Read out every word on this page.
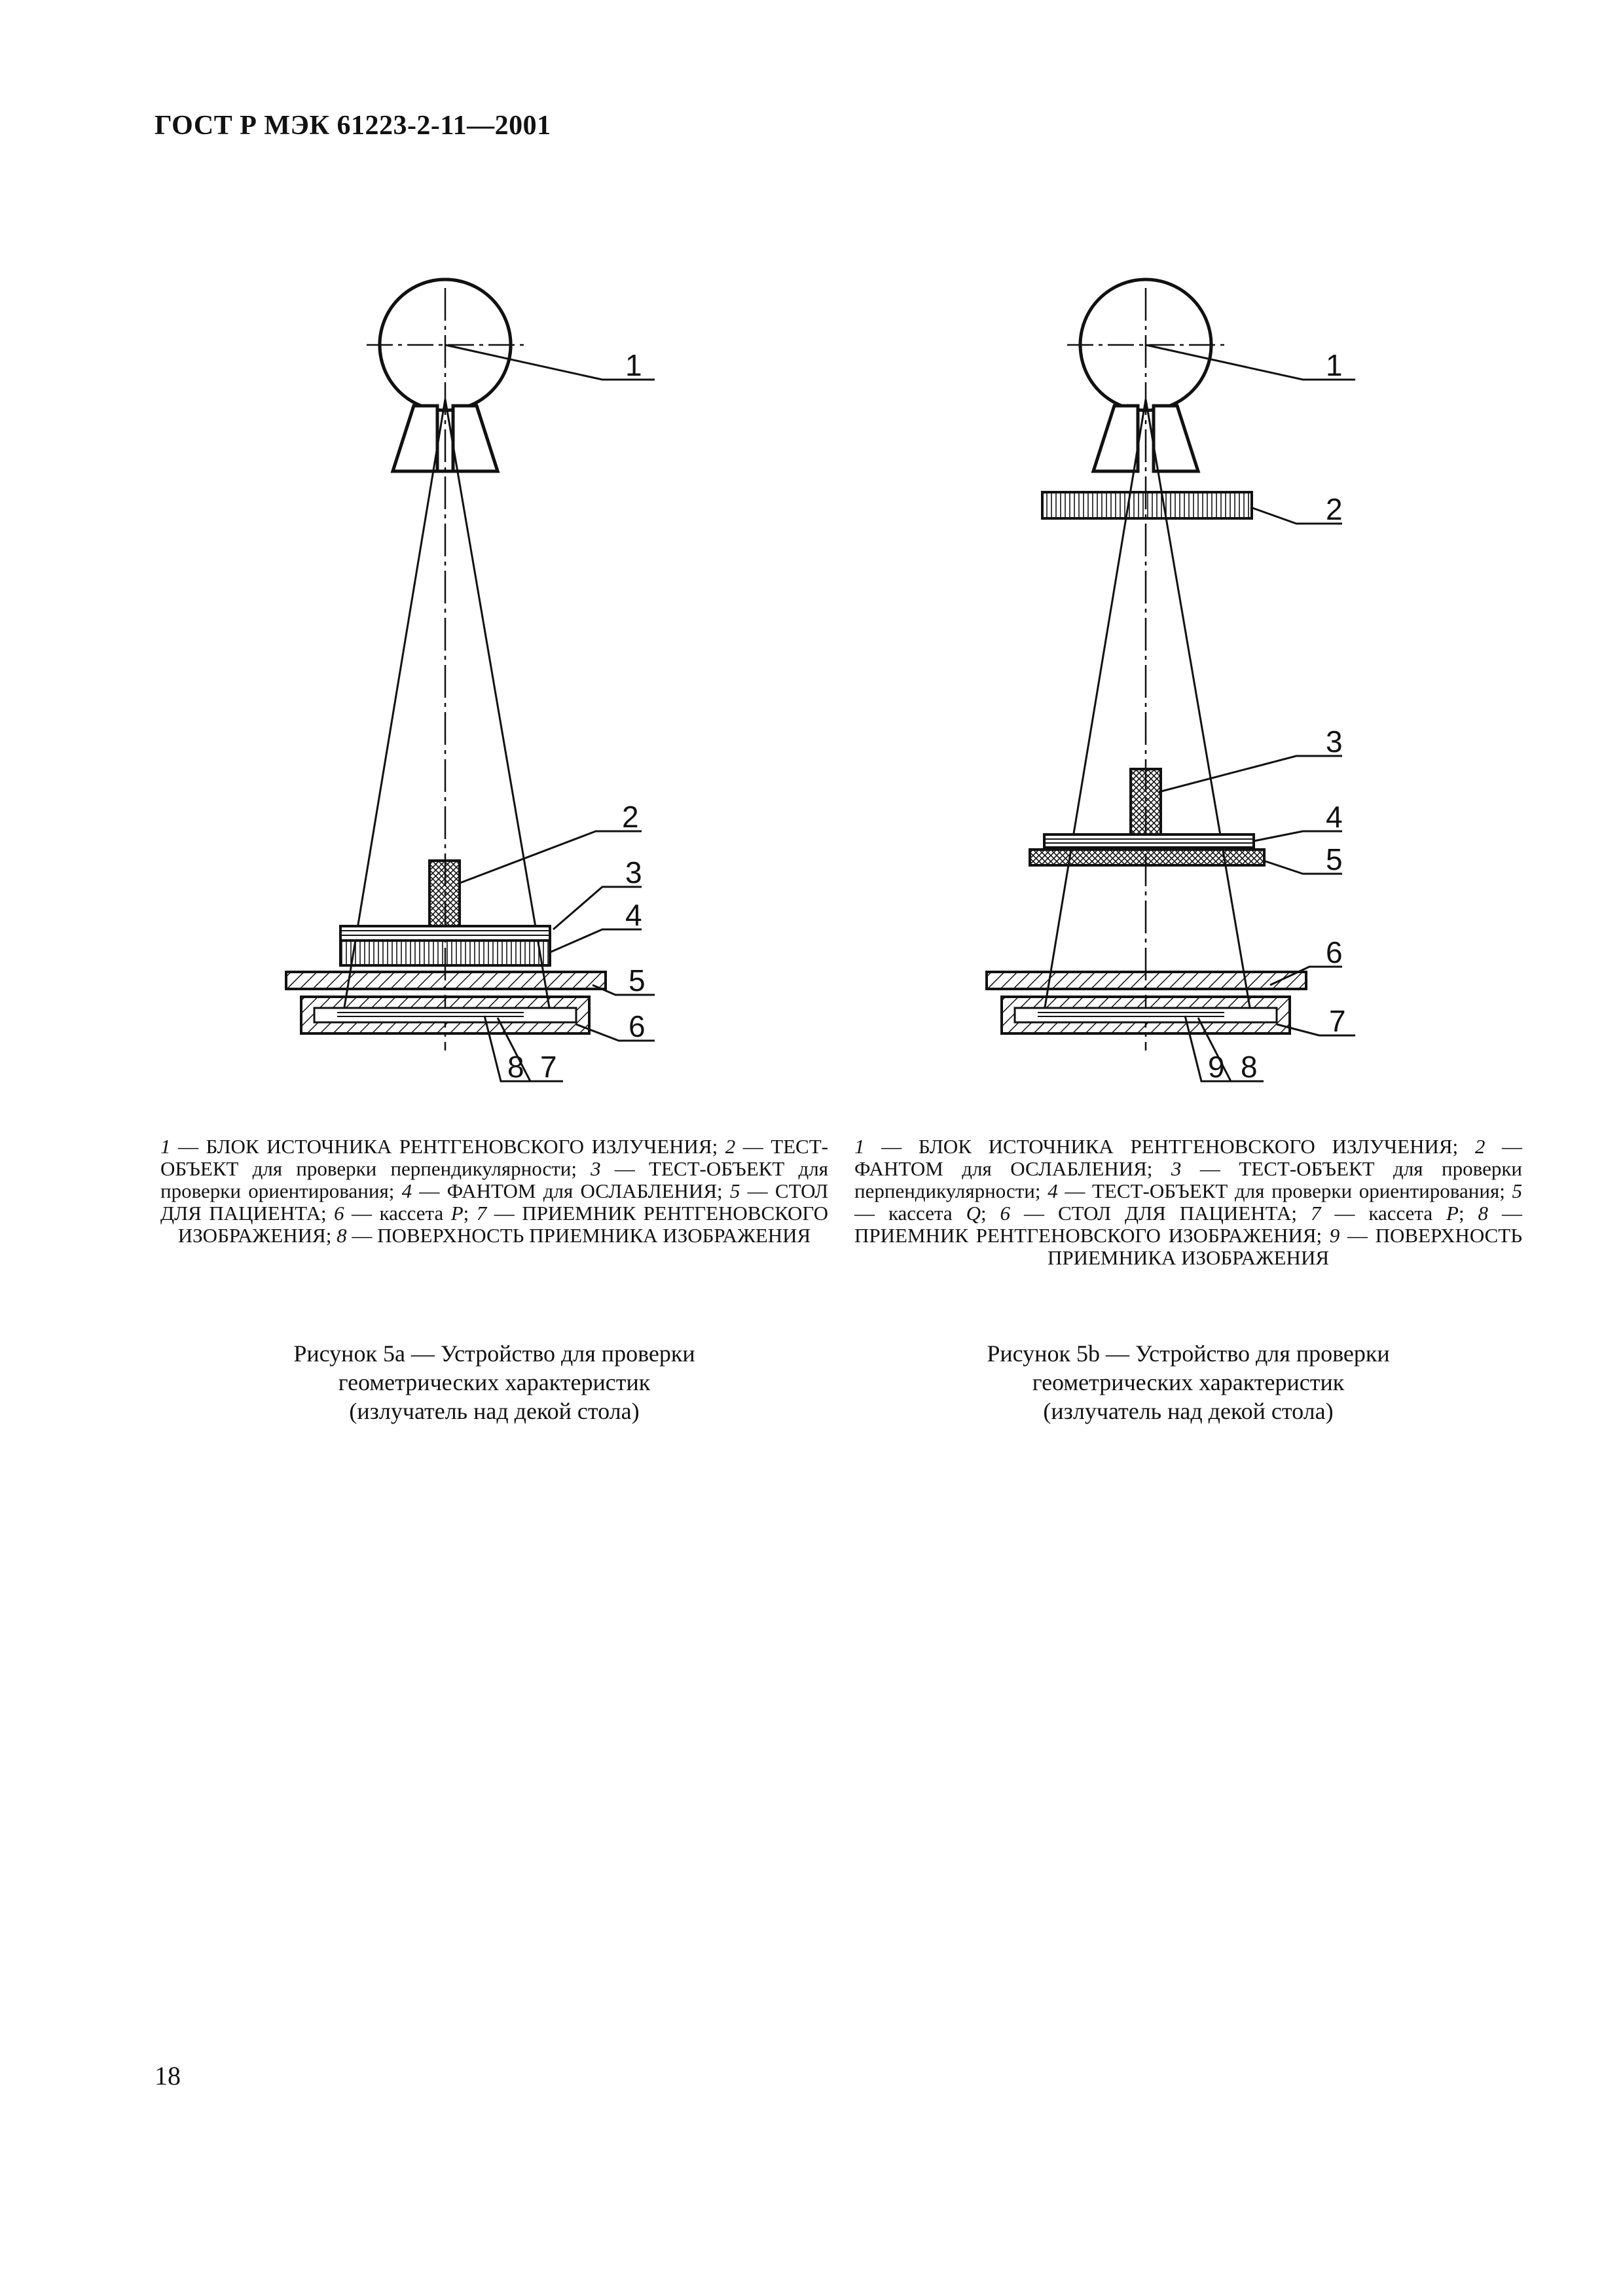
ГОСТ Р МЭК 61223-2-11—2001
1
2
3
4
5
6
8 7
1
2
3
4
5
6
7
9 8

1 — БЛОК ИСТОЧНИКА РЕНТГЕНОВСКОГО ИЗЛУЧЕНИЯ; 2 — ТЕСТ-ОБЪЕКТ для проверки перпендикулярности; 3 — ТЕСТ-ОБЪЕКТ для проверки ориентирования; 4 — ФАНТОМ для ОСЛАБЛЕНИЯ; 5 — СТОЛ ДЛЯ ПАЦИЕНТА; 6 — кассета P; 7 — ПРИЕМНИК РЕНТГЕНОВСКОГО ИЗОБРАЖЕНИЯ; 8 — ПОВЕРХНОСТЬ ПРИЕМНИКА ИЗОБРАЖЕНИЯ

1 — БЛОК ИСТОЧНИКА РЕНТГЕНОВСКОГО ИЗЛУЧЕНИЯ; 2 — ФАНТОМ для ОСЛАБЛЕНИЯ; 3 — ТЕСТ-ОБЪЕКТ для проверки перпендикулярности; 4 — ТЕСТ-ОБЪЕКТ для проверки ориентирования; 5 — кассета Q; 6 — СТОЛ ДЛЯ ПАЦИЕНТА; 7 — кассета P; 8 — ПРИЕМНИК РЕНТГЕНОВСКОГО ИЗОБРАЖЕНИЯ; 9 — ПОВЕРХНОСТЬ ПРИЕМНИКА ИЗОБРАЖЕНИЯ

Рисунок 5а — Устройство для проверки
геометрических характеристик
(излучатель над декой стола)
Рисунок 5b — Устройство для проверки
геометрических характеристик
(излучатель над декой стола)
18
